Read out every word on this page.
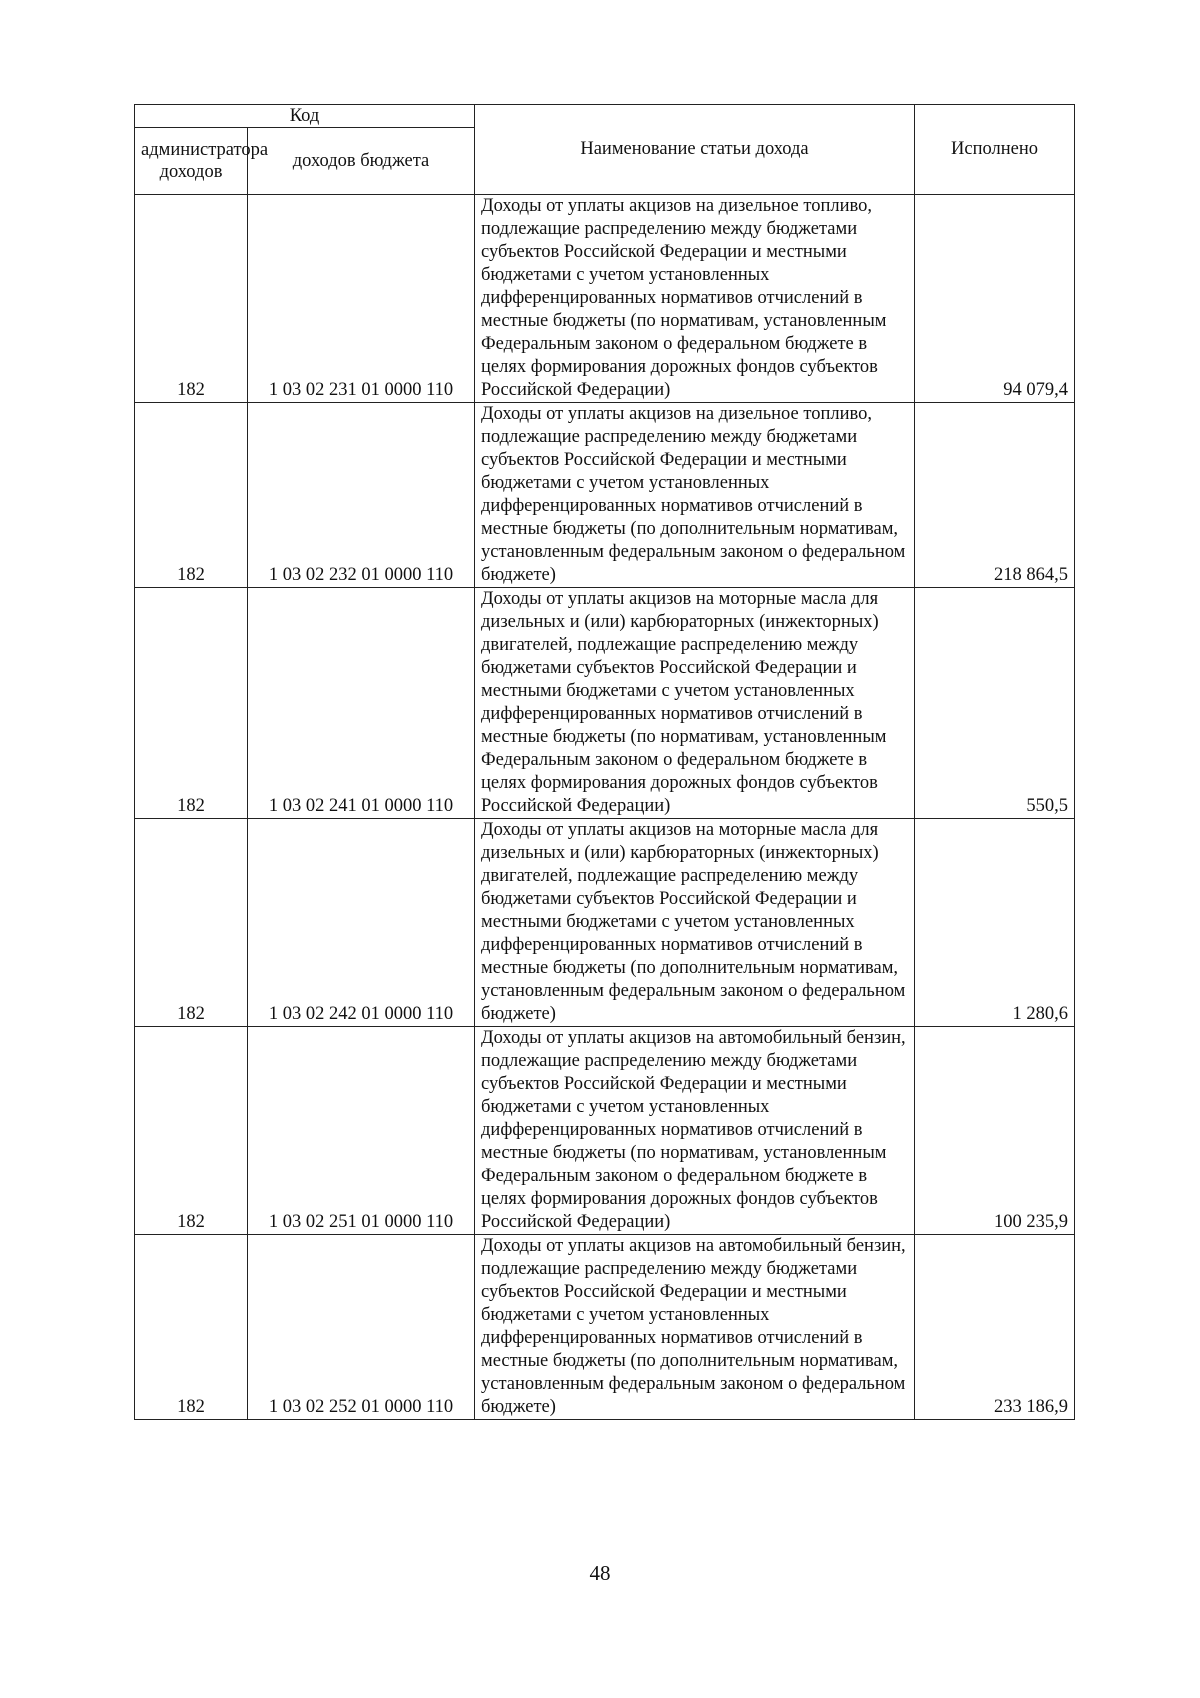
Код		Наименование статьи дохода	Исполнено
администратора доходов	доходов бюджета		
182	1 03 02 231 01 0000 110	Доходы от уплаты акцизов на дизельное топливо, подлежащие распределению между бюджетами субъектов Российской Федерации и местными бюджетами с учетом установленных дифференцированных нормативов отчислений в местные бюджеты (по нормативам, установленным Федеральным законом о федеральном бюджете в целях формирования дорожных фондов субъектов Российской Федерации)	94 079,4
182	1 03 02 232 01 0000 110	Доходы от уплаты акцизов на дизельное топливо, подлежащие распределению между бюджетами субъектов Российской Федерации и местными бюджетами с учетом установленных дифференцированных нормативов отчислений в местные бюджеты (по дополнительным нормативам, установленным федеральным законом о федеральном бюджете)	218 864,5
182	1 03 02 241 01 0000 110	Доходы от уплаты акцизов на моторные масла для дизельных и (или) карбюраторных (инжекторных) двигателей, подлежащие распределению между бюджетами субъектов Российской Федерации и местными бюджетами с учетом установленных дифференцированных нормативов отчислений в местные бюджеты (по нормативам, установленным Федеральным законом о федеральном бюджете в целях формирования дорожных фондов субъектов Российской Федерации)	550,5
182	1 03 02 242 01 0000 110	Доходы от уплаты акцизов на моторные масла для дизельных и (или) карбюраторных (инжекторных) двигателей, подлежащие распределению между бюджетами субъектов Российской Федерации и местными бюджетами с учетом установленных дифференцированных нормативов отчислений в местные бюджеты (по дополнительным нормативам, установленным федеральным законом о федеральном бюджете)	1 280,6
182	1 03 02 251 01 0000 110	Доходы от уплаты акцизов на автомобильный бензин, подлежащие распределению между бюджетами субъектов Российской Федерации и местными бюджетами с учетом установленных дифференцированных нормативов отчислений в местные бюджеты (по нормативам, установленным Федеральным законом о федеральном бюджете в целях формирования дорожных фондов субъектов Российской Федерации)	100 235,9
182	1 03 02 252 01 0000 110	Доходы от уплаты акцизов на автомобильный бензин, подлежащие распределению между бюджетами субъектов Российской Федерации и местными бюджетами с учетом установленных дифференцированных нормативов отчислений в местные бюджеты (по дополнительным нормативам, установленным федеральным законом о федеральном бюджете)	233 186,9
48
